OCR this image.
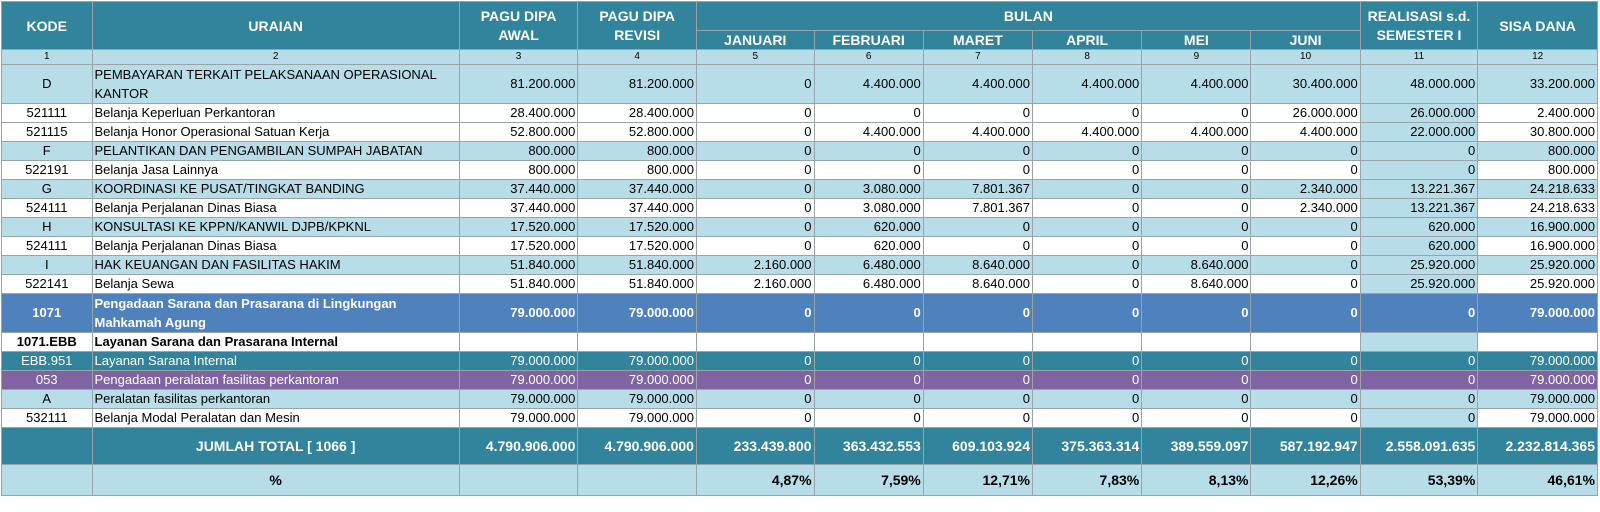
KODE	URAIAN	PAGU DIPA AWAL	PAGU DIPA REVISI	BULAN						REALISASI s.d. SEMESTER I	SISA DANA
				JANUARI	FEBRUARI	MARET	APRIL	MEI	JUNI		
1	2	3	4	5	6	7	8	9	10	11	12
D	PEMBAYARAN TERKAIT PELAKSANAAN OPERASIONAL KANTOR	81.200.000	81.200.000	0	4.400.000	4.400.000	4.400.000	4.400.000	30.400.000	48.000.000	33.200.000
521111	Belanja Keperluan Perkantoran	28.400.000	28.400.000	0	0	0	0	0	26.000.000	26.000.000	2.400.000
521115	Belanja Honor Operasional Satuan Kerja	52.800.000	52.800.000	0	4.400.000	4.400.000	4.400.000	4.400.000	4.400.000	22.000.000	30.800.000
F	PELANTIKAN DAN PENGAMBILAN SUMPAH JABATAN	800.000	800.000	0	0	0	0	0	0	0	800.000
522191	Belanja Jasa Lainnya	800.000	800.000	0	0	0	0	0	0	0	800.000
G	KOORDINASI KE PUSAT/TINGKAT BANDING	37.440.000	37.440.000	0	3.080.000	7.801.367	0	0	2.340.000	13.221.367	24.218.633
524111	Belanja Perjalanan Dinas Biasa	37.440.000	37.440.000	0	3.080.000	7.801.367	0	0	2.340.000	13.221.367	24.218.633
H	KONSULTASI KE KPPN/KANWIL DJPB/KPKNL	17.520.000	17.520.000	0	620.000	0	0	0	0	620.000	16.900.000
524111	Belanja Perjalanan Dinas Biasa	17.520.000	17.520.000	0	620.000	0	0	0	0	620.000	16.900.000
I	HAK KEUANGAN DAN FASILITAS HAKIM	51.840.000	51.840.000	2.160.000	6.480.000	8.640.000	0	8.640.000	0	25.920.000	25.920.000
522141	Belanja Sewa	51.840.000	51.840.000	2.160.000	6.480.000	8.640.000	0	8.640.000	0	25.920.000	25.920.000
1071	Pengadaan Sarana dan Prasarana di Lingkungan Mahkamah Agung	79.000.000	79.000.000	0	0	0	0	0	0	0	79.000.000
1071.EBB	Layanan Sarana dan Prasarana Internal										
EBB.951	Layanan Sarana Internal	79.000.000	79.000.000	0	0	0	0	0	0	0	79.000.000
053	Pengadaan peralatan fasilitas perkantoran	79.000.000	79.000.000	0	0	0	0	0	0	0	79.000.000
A	Peralatan fasilitas perkantoran	79.000.000	79.000.000	0	0	0	0	0	0	0	79.000.000
532111	Belanja Modal Peralatan dan Mesin	79.000.000	79.000.000	0	0	0	0	0	0	0	79.000.000
	JUMLAH TOTAL [ 1066 ]	4.790.906.000	4.790.906.000	233.439.800	363.432.553	609.103.924	375.363.314	389.559.097	587.192.947	2.558.091.635	2.232.814.365
	%			4,87%	7,59%	12,71%	7,83%	8,13%	12,26%	53,39%	46,61%
